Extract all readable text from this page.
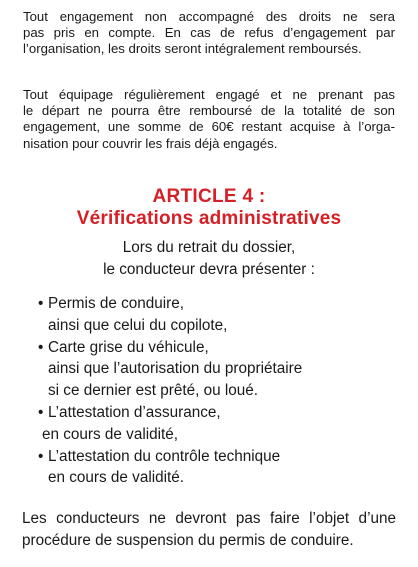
Tout engagement non accompagné des droits ne sera
pas pris en compte. En cas de refus d’engagement par
l’organisation, les droits seront intégralement remboursés.

Tout équipage régulièrement engagé et ne prenant pas
le départ ne pourra être remboursé de la totalité de son
engagement, une somme de 60€ restant acquise à l’orga-
nisation pour couvrir les frais déjà engagés.

ARTICLE 4 :
Vérifications administratives

Lors du retrait du dossier,

le conducteur devra présenter :

• Permis de conduire,
ainsi que celui du copilote,
• Carte grise du véhicule,
ainsi que l’autorisation du propriétaire
si ce dernier est prêté, ou loué.
• L’attestation d’assurance,
en cours de validité,
• L’attestation du contrôle technique
en cours de validité.

Les conducteurs ne devront pas faire l’objet d’une
procédure de suspension du permis de conduire.
